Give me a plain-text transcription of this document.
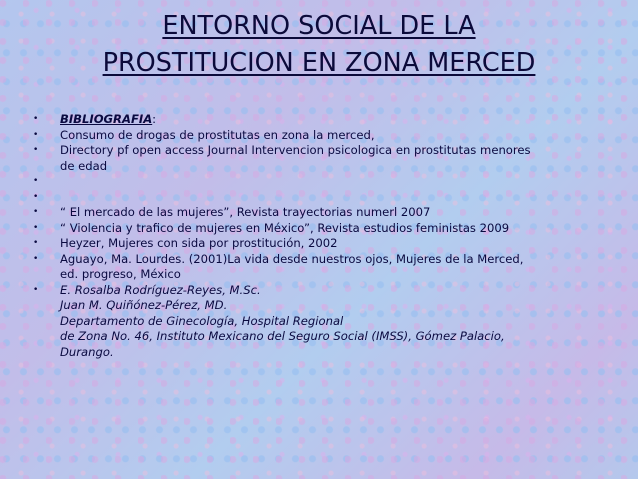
ENTORNO SOCIAL DE LA
PROSTITUCION EN ZONA MERCED
• BIBLIOGRAFIA:
• Consumo de drogas de prostitutas en zona la merced,
• Directory pf open access Journal Intervencion psicologica en prostitutas menores
de edad
•

•

• “ El mercado de las mujeres”, Revista trayectorias numerl 2007
• “ Violencia y trafico de mujeres en México”, Revista estudios feministas 2009
• Heyzer, Mujeres con sida por prostitución, 2002
• Aguayo, Ma. Lourdes. (2001)La vida desde nuestros ojos, Mujeres de la Merced,
ed. progreso, México
• E. Rosalba Rodríguez-Reyes, M.Sc.
Juan M. Quiñónez-Pérez, MD.
Departamento de Ginecología, Hospital Regional
de Zona No. 46, Instituto Mexicano del Seguro Social (IMSS), Gómez Palacio,
Durango.
